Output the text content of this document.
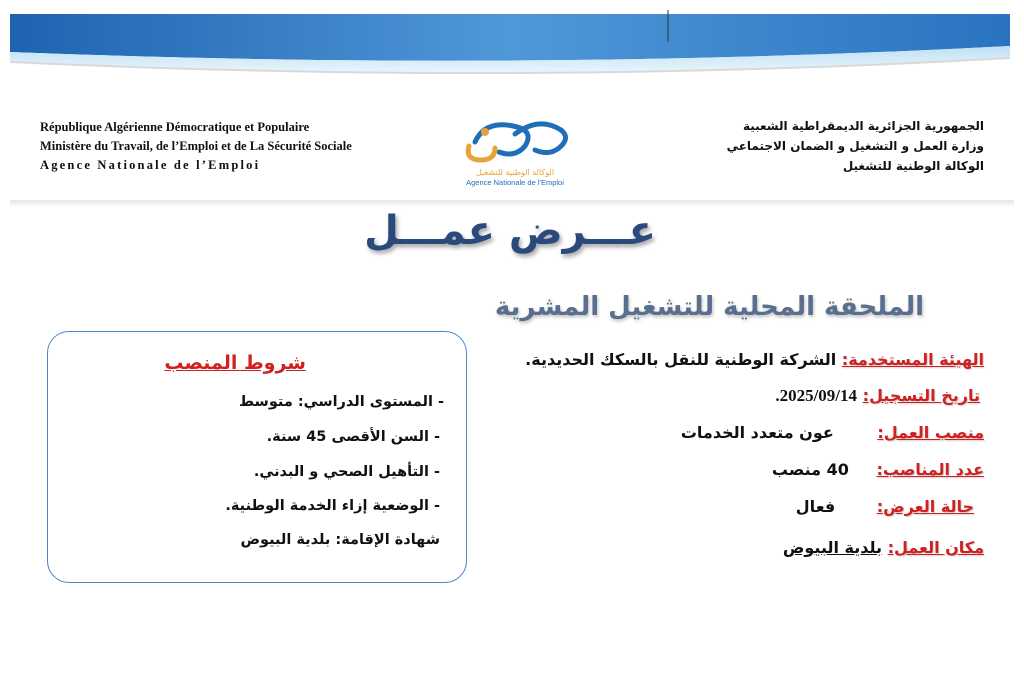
République Algérienne Démocratique et Populaire
Ministère du Travail, de l’Emploi et de La Sécurité Sociale
Agence Nationale de l’Emploi
الوكالة الوطنية للتشغيل
Agence Nationale de l'Emploi
الجمهورية الجزائرية الديمقراطية الشعبية
وزارة العمل و التشغيل و الضمان الاجتماعي
الوكالة الوطنية للتشغيل
عـــرض عمـــل
الملحقة المحلية للتشغيل المشرية
الهيئة المستخدمة: الشركة الوطنية للنقل بالسكك الحديدية.
تاريخ التسجيل: 2025/09/14.
منصب العمل: عون متعدد الخدمات
عدد المناصب: 40 منصب
حالة العرض: فعال
مكان العمل: بلدية البيوض
شروط المنصب
- المستوى الدراسي: متوسط
- السن الأقصى 45 سنة.
- التأهيل الصحي و البدني.
- الوضعية إزاء الخدمة الوطنية.
شهادة الإقامة: بلدية البيوض
